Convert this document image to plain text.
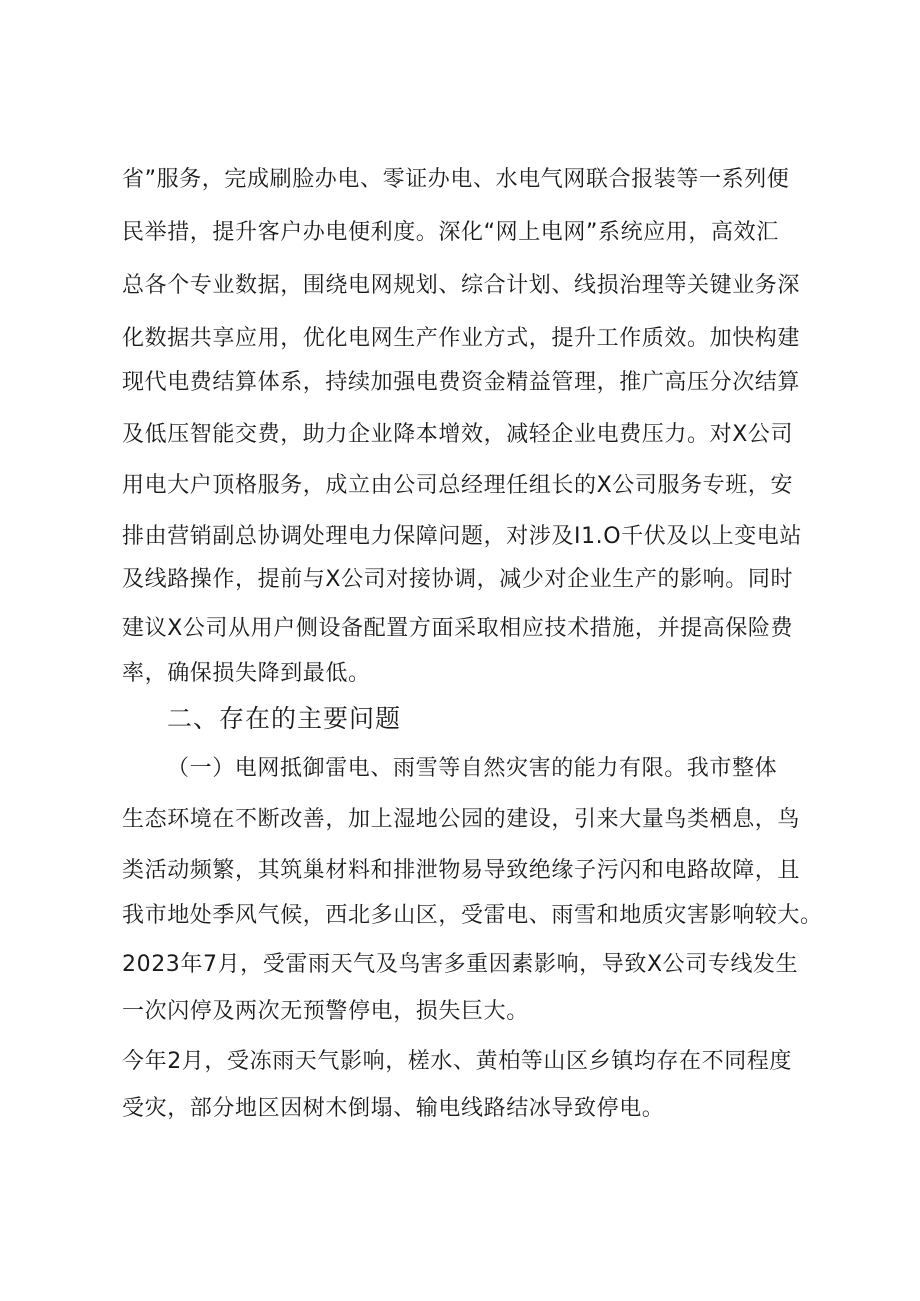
省”服务，完成刷脸办电、零证办电、水电气网联合报装等一系列便
民举措，提升客户办电便利度。深化“网上电网”系统应用，高效汇
总各个专业数据，围绕电网规划、综合计划、线损治理等关键业务深
化数据共享应用，优化电网生产作业方式，提升工作质效。加快构建
现代电费结算体系，持续加强电费资金精益管理，推广高压分次结算
及低压智能交费，助力企业降本增效，减轻企业电费压力。对X公司
用电大户顶格服务，成立由公司总经理任组长的X公司服务专班，安
排由营销副总协调处理电力保障问题，对涉及I1.O千伏及以上变电站
及线路操作，提前与X公司对接协调，减少对企业生产的影响。同时
建议X公司从用户侧设备配置方面采取相应技术措施，并提高保险费
率，确保损失降到最低。
二、存在的主要问题
（一）电网抵御雷电、雨雪等自然灾害的能力有限。我市整体
生态环境在不断改善，加上湿地公园的建设，引来大量鸟类栖息，鸟
类活动频繁，其筑巢材料和排泄物易导致绝缘子污闪和电路故障，且
我市地处季风气候，西北多山区，受雷电、雨雪和地质灾害影响较大。
2023年7月，受雷雨天气及鸟害多重因素影响，导致X公司专线发生
一次闪停及两次无预警停电，损失巨大。
今年2月，受冻雨天气影响，槎水、黄柏等山区乡镇均存在不同程度
受灾，部分地区因树木倒塌、输电线路结冰导致停电。
